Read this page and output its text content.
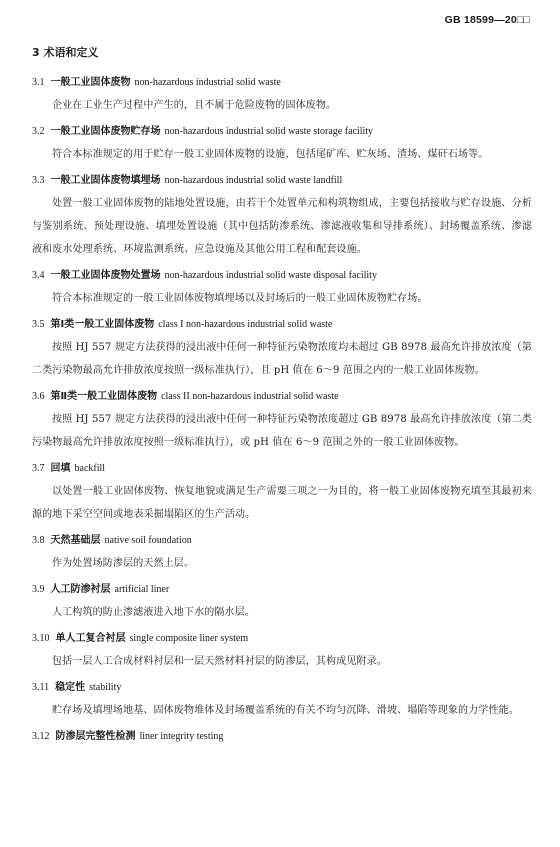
GB 18599—20□□
3 术语和定义
3.1 一般工业固体废物 non-hazardous industrial solid waste

企业在工业生产过程中产生的，且不属于危险废物的固体废物。

3.2 一般工业固体废物贮存场 non-hazardous industrial solid waste storage facility

符合本标准规定的用于贮存一般工业固体废物的设施，包括尾矿库、贮灰场、渣场、煤矸石场等。

3.3 一般工业固体废物填埋场 non-hazardous industrial solid waste landfill

处置一般工业固体废物的陆地处置设施，由若干个处置单元和构筑物组成，主要包括接收与贮存设施、分析与鉴别系统、预处理设施、填埋处置设施（其中包括防渗系统、渗滤液收集和导排系统）、封场覆盖系统、渗滤液和废水处理系统、环境监测系统、应急设施及其他公用工程和配套设施。

3.4 一般工业固体废物处置场 non-hazardous industrial solid waste disposal facility

符合本标准规定的一般工业固体废物填埋场以及封场后的一般工业固体废物贮存场。

3.5 第Ⅰ类一般工业固体废物 class I non-hazardous industrial solid waste

按照 HJ 557 规定方法获得的浸出液中任何一种特征污染物浓度均未超过 GB 8978 最高允许排放浓度（第二类污染物最高允许排放浓度按照一级标准执行），且 pH 值在 6～9 范围之内的一般工业固体废物。

3.6 第Ⅱ类一般工业固体废物 class II non-hazardous industrial solid waste

按照 HJ 557 规定方法获得的浸出液中任何一种特征污染物浓度超过 GB 8978 最高允许排放浓度（第二类污染物最高允许排放浓度按照一级标准执行），或 pH 值在 6～9 范围之外的一般工业固体废物。

3.7 回填 backfill

以处置一般工业固体废物、恢复地貌或满足生产需要三项之一为目的，将一般工业固体废物充填至其最初来源的地下采空空间或地表采掘塌陷区的生产活动。

3.8 天然基础层 native soil foundation

作为处置场防渗层的天然土层。

3.9 人工防渗衬层 artificial liner

人工构筑的防止渗滤液进入地下水的隔水层。

3.10 单人工复合衬层 single composite liner system

包括一层人工合成材料衬层和一层天然材料衬层的防渗层，其构成见附录。

3.11 稳定性 stability

贮存场及填埋场地基、固体废物堆体及封场覆盖系统的有关不均匀沉降、滑坡、塌陷等现象的力学性能。

3.12 防渗层完整性检测 liner integrity testing
